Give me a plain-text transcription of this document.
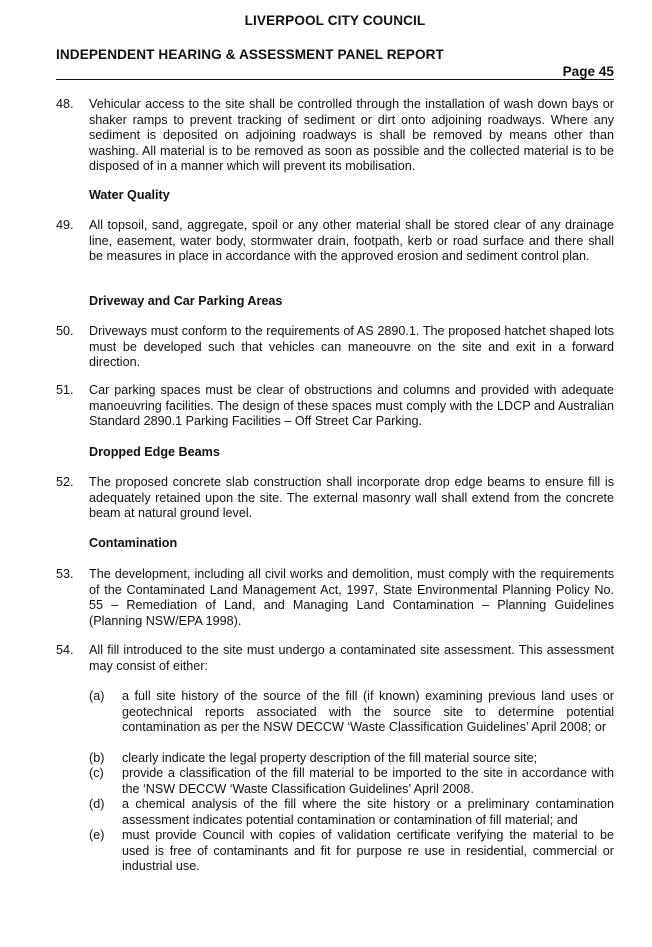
LIVERPOOL CITY COUNCIL
INDEPENDENT HEARING & ASSESSMENT PANEL REPORT
Page 45
48. Vehicular access to the site shall be controlled through the installation of wash down bays or shaker ramps to prevent tracking of sediment or dirt onto adjoining roadways. Where any sediment is deposited on adjoining roadways is shall be removed by means other than washing. All material is to be removed as soon as possible and the collected material is to be disposed of in a manner which will prevent its mobilisation.
Water Quality
49. All topsoil, sand, aggregate, spoil or any other material shall be stored clear of any drainage line, easement, water body, stormwater drain, footpath, kerb or road surface and there shall be measures in place in accordance with the approved erosion and sediment control plan.
Driveway and Car Parking Areas
50. Driveways must conform to the requirements of AS 2890.1. The proposed hatchet shaped lots must be developed such that vehicles can maneouvre on the site and exit in a forward direction.
51. Car parking spaces must be clear of obstructions and columns and provided with adequate manoeuvring facilities. The design of these spaces must comply with the LDCP and Australian Standard 2890.1 Parking Facilities – Off Street Car Parking.
Dropped Edge Beams
52. The proposed concrete slab construction shall incorporate drop edge beams to ensure fill is adequately retained upon the site. The external masonry wall shall extend from the concrete beam at natural ground level.
Contamination
53. The development, including all civil works and demolition, must comply with the requirements of the Contaminated Land Management Act, 1997, State Environmental Planning Policy No. 55 – Remediation of Land, and Managing Land Contamination – Planning Guidelines (Planning NSW/EPA 1998).
54. All fill introduced to the site must undergo a contaminated site assessment. This assessment may consist of either:
(a) a full site history of the source of the fill (if known) examining previous land uses or geotechnical reports associated with the source site to determine potential contamination as per the NSW DECCW ‘Waste Classification Guidelines’ April 2008; or
(b) clearly indicate the legal property description of the fill material source site;
(c) provide a classification of the fill material to be imported to the site in accordance with the ‘NSW DECCW ‘Waste Classification Guidelines’ April 2008.
(d) a chemical analysis of the fill where the site history or a preliminary contamination assessment indicates potential contamination or contamination of fill material; and
(e) must provide Council with copies of validation certificate verifying the material to be used is free of contaminants and fit for purpose re use in residential, commercial or industrial use.
